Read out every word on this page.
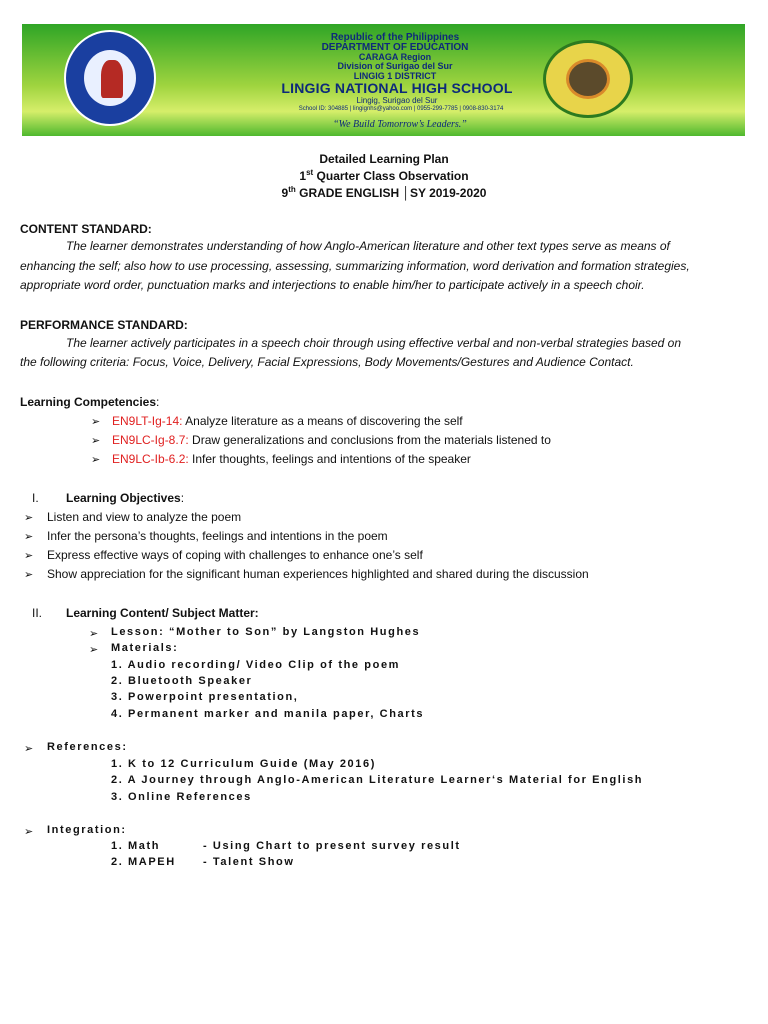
Republic of the Philippines
DEPARTMENT OF EDUCATION
CARAGA Region
Division of Surigao del Sur
LINGIG 1 DISTRICT
LINGIG NATIONAL HIGH SCHOOL
Lingig, Surigao del Sur
School ID: 304885 | lingignhs@yahoo.com | 0955-299-7785 | 0908-830-3174
“We Build Tomorrow’s Leaders.”
Detailed Learning Plan
1st Quarter Class Observation
9th GRADE ENGLISH │SY 2019-2020
CONTENT STANDARD:
The learner demonstrates understanding of how Anglo-American literature and other text types serve as means of
enhancing the self; also how to use processing, assessing, summarizing information, word derivation and formation strategies,
appropriate word order, punctuation marks and interjections to enable him/her to participate actively in a speech choir.
PERFORMANCE STANDARD:
The learner actively participates in a speech choir through using effective verbal and non-verbal strategies based on
the following criteria: Focus, Voice, Delivery, Facial Expressions, Body Movements/Gestures and Audience Contact.
Learning Competencies:
➢ EN9LT-Ig-14: Analyze literature as a means of discovering the self
➢ EN9LC-Ig-8.7: Draw generalizations and conclusions from the materials listened to
➢ EN9LC-Ib-6.2: Infer thoughts, feelings and intentions of the speaker
I. Learning Objectives:
➢ Listen and view to analyze the poem
➢ Infer the persona’s thoughts, feelings and intentions in the poem
➢ Express effective ways of coping with challenges to enhance one’s self
➢ Show appreciation for the significant human experiences highlighted and shared during the discussion
II. Learning Content/ Subject Matter:
➢ Lesson: “Mother to Son” by Langston Hughes
➢ Materials:
1. Audio recording/ Video Clip of the poem
2. Bluetooth Speaker
3. Powerpoint presentation,
4. Permanent marker and manila paper, Charts
➢ References:
1. K to 12 Curriculum Guide (May 2016)
2. A Journey through Anglo-American Literature Learner‘s Material for English
3. Online References
➢ Integration:
1. Math	- Using Chart to present survey result
2. MAPEH - Talent Show
